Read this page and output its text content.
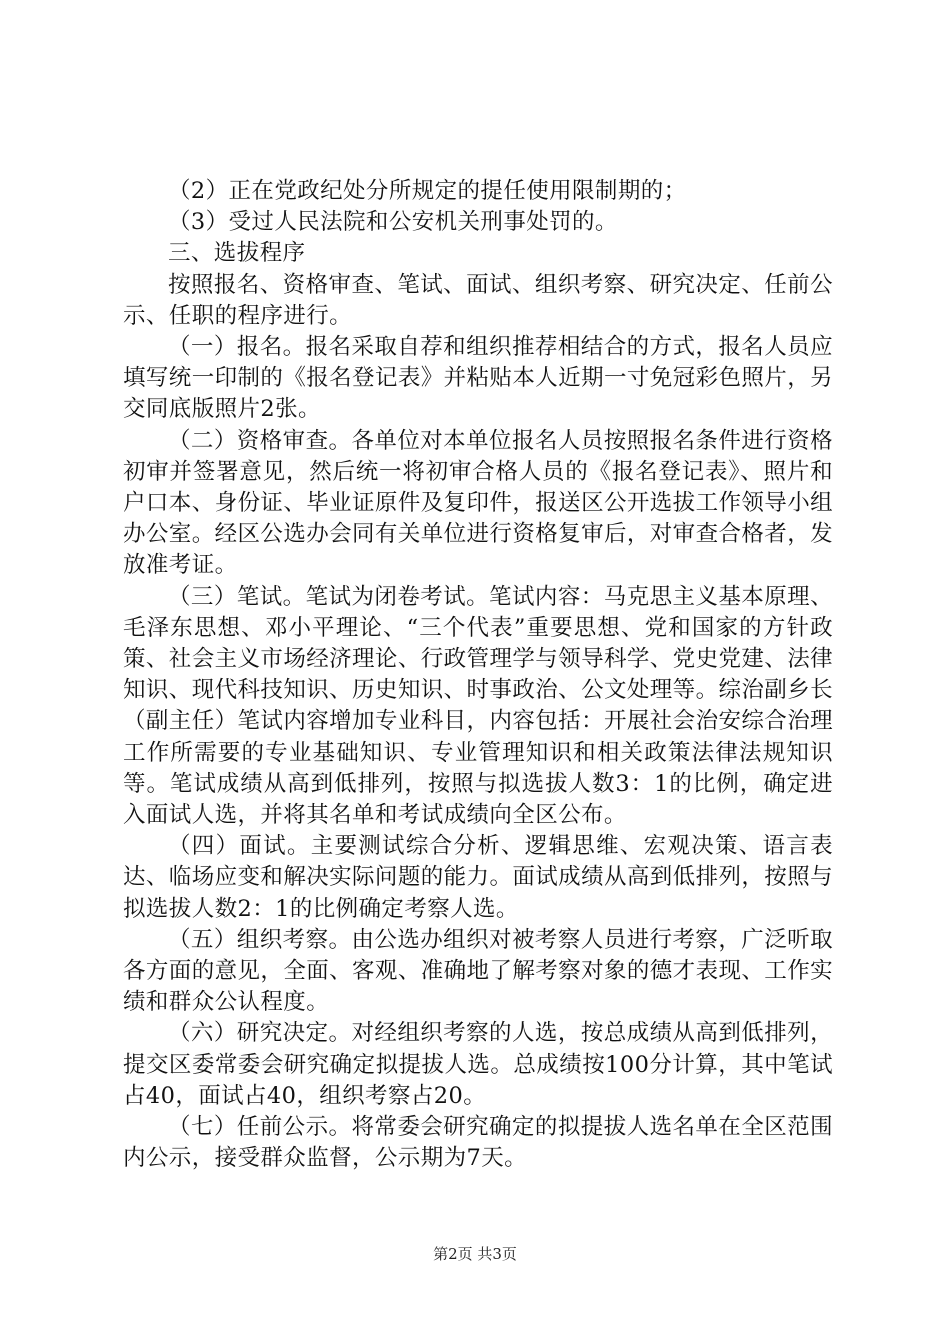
（2）正在党政纪处分所规定的提任使用限制期的；

（3）受过人民法院和公安机关刑事处罚的。

三、选拔程序

按照报名、资格审查、笔试、面试、组织考察、研究决定、任前公示、任职的程序进行。

（一）报名。报名采取自荐和组织推荐相结合的方式，报名人员应填写统一印制的《报名登记表》并粘贴本人近期一寸免冠彩色照片，另交同底版照片2张。

（二）资格审查。各单位对本单位报名人员按照报名条件进行资格初审并签署意见，然后统一将初审合格人员的《报名登记表》、照片和户口本、身份证、毕业证原件及复印件，报送区公开选拔工作领导小组办公室。经区公选办会同有关单位进行资格复审后，对审查合格者，发放准考证。

（三）笔试。笔试为闭卷考试。笔试内容：马克思主义基本原理、毛泽东思想、邓小平理论、“三个代表”重要思想、党和国家的方针政策、社会主义市场经济理论、行政管理学与领导科学、党史党建、法律知识、现代科技知识、历史知识、时事政治、公文处理等。综治副乡长（副主任）笔试内容增加专业科目，内容包括：开展社会治安综合治理工作所需要的专业基础知识、专业管理知识和相关政策法律法规知识等。笔试成绩从高到低排列，按照与拟选拔人数3：1的比例，确定进入面试人选，并将其名单和考试成绩向全区公布。

（四）面试。主要测试综合分析、逻辑思维、宏观决策、语言表达、临场应变和解决实际问题的能力。面试成绩从高到低排列，按照与拟选拔人数2：1的比例确定考察人选。

（五）组织考察。由公选办组织对被考察人员进行考察，广泛听取各方面的意见，全面、客观、准确地了解考察对象的德才表现、工作实绩和群众公认程度。

（六）研究决定。对经组织考察的人选，按总成绩从高到低排列，提交区委常委会研究确定拟提拔人选。总成绩按100分计算，其中笔试占40，面试占40，组织考察占20。

（七）任前公示。将常委会研究确定的拟提拔人选名单在全区范围内公示，接受群众监督，公示期为7天。

第2页 共3页
